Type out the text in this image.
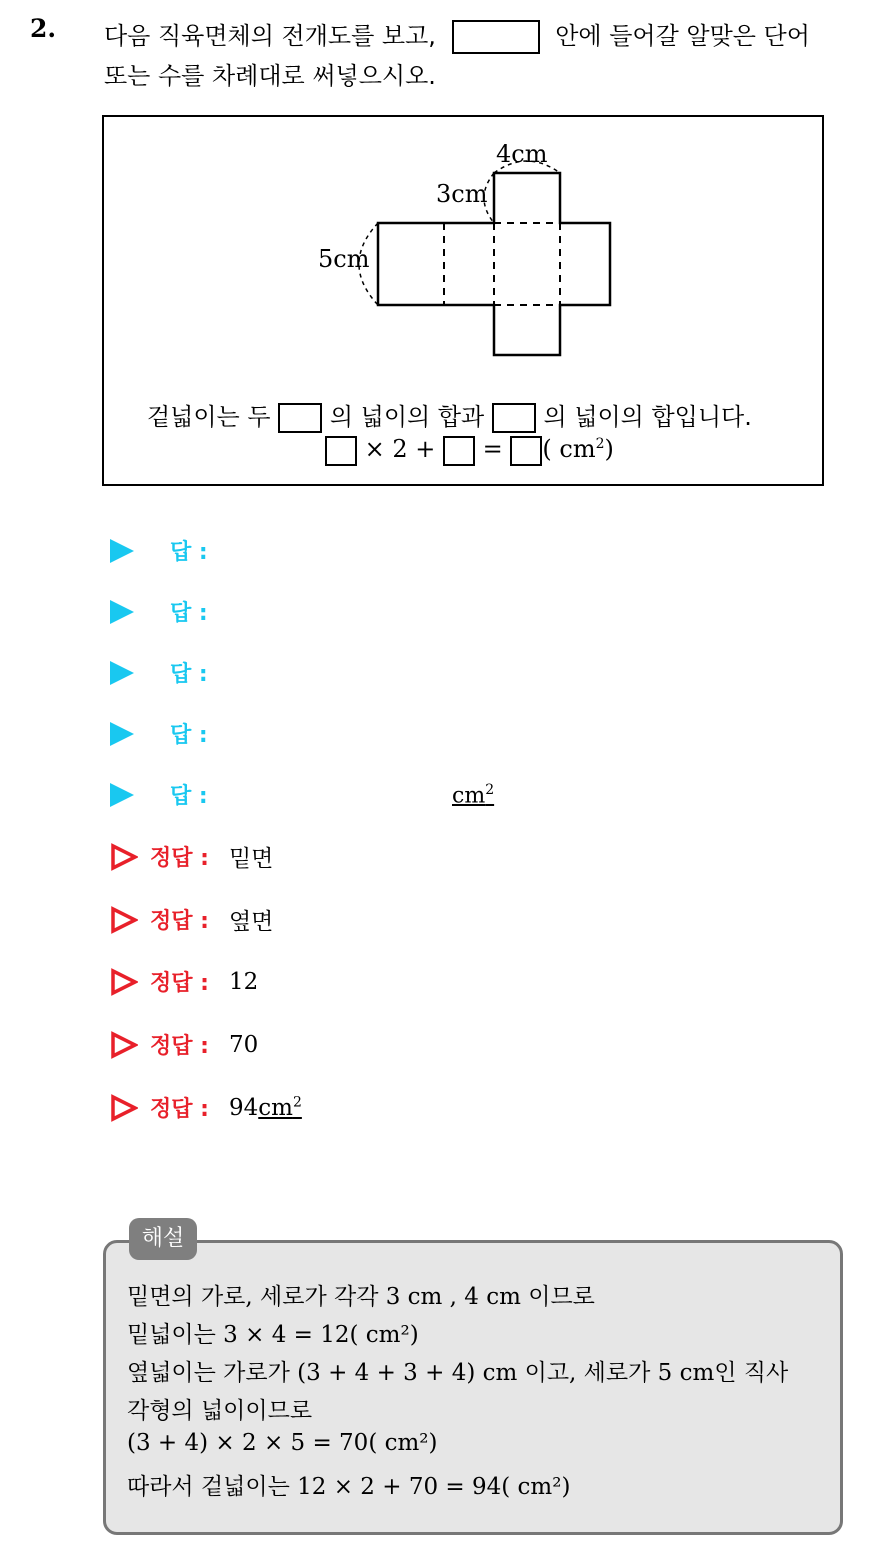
2. 다음 직육면체의 전개도를 보고,	안에 들어갈 알맞은 단어
또는 수를 차례대로 써넣으시오.
4cm
3cm
5cm
겉넓이는 두 의 넓이의 합과 의 넓이의 합입니다.
× 2 + = ( $cm^2$)
답 :
답 :
답 :
답 :
답 :	$cm^2$
정답 : 밑면
정답 : 옆면
정답 : 12
정답 : 70
정답 : $94cm^2$
해설
밑면의 가로, 세로가 각각 3 cm , 4 cm 이므로
밑넓이는 3 × 4 = 12( cm²)
옆넓이는 가로가 (3 + 4 + 3 + 4) cm 이고, 세로가 5 cm인 직사
각형의 넓이이므로
(3 + 4) × 2 × 5 = 70( cm²)
따라서 겉넓이는 12 × 2 + 70 = 94( cm²)
